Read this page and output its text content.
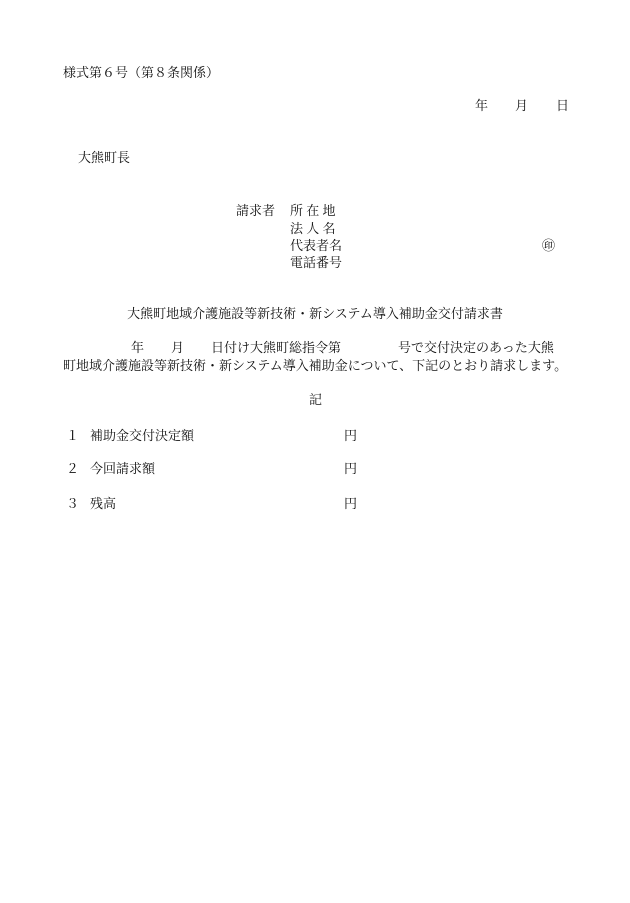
様式第６号（第８条関係）
年 月 日
大熊町長
請求者 所 在 地
法 人 名
代表者名	㊞
電話番号
大熊町地域介護施設等新技術・新システム導入補助金交付請求書
年 月 日付け大熊町総指令第	号で交付決定のあった大熊
町地域介護施設等新技術・新システム導入補助金について、下記のとおり請求します。
記
１ 補助金交付決定額	円
２ 今回請求額	円
３ 残高	円
